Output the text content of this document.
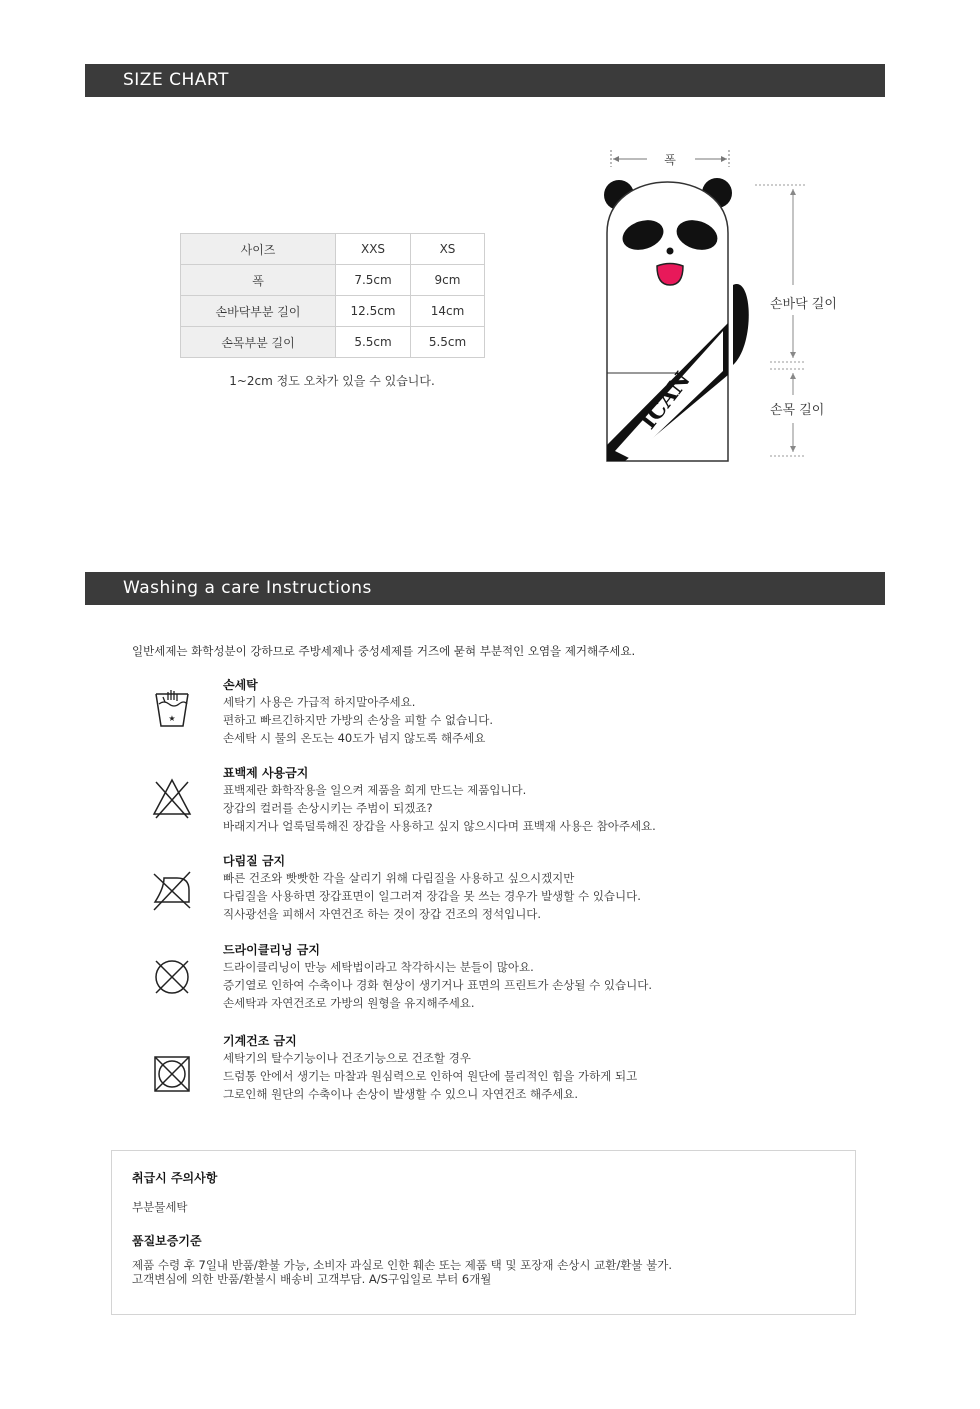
SIZE CHART
사이즈	XXS	XS
폭	7.5cm	9cm
손바닥부분 길이	12.5cm	14cm
손목부분 길이	5.5cm	5.5cm
1~2cm 정도 오차가 있을 수 있습니다.
폭
ICAN
손바닥 길이
손목 길이
Washing a care Instructions
일반세제는 화학성분이 강하므로 주방세제나 중성세제를 거즈에 묻혀 부분적인 오염을 제거해주세요.
★
손세탁
세탁기 사용은 가급적 하지말아주세요.
편하고 빠르긴하지만 가방의 손상을 피할 수 없습니다.
손세탁 시 물의 온도는 40도가 넘지 않도록 해주세요
표백제 사용금지
표백제란 화학작용을 일으켜 제품을 희게 만드는 제품입니다.
장갑의 컬러를 손상시키는 주범이 되겠죠?
바래지거나 얼룩덜룩해진 장갑을 사용하고 싶지 않으시다며 표백재 사용은 참아주세요.
다림질 금지
빠른 건조와 빳빳한 각을 살리기 위해 다림질을 사용하고 싶으시겠지만
다림질을 사용하면 장갑표면이 일그러져 장갑을 못 쓰는 경우가 발생할 수 있습니다.
직사광선을 피해서 자연건조 하는 것이 장갑 건조의 정석입니다.
드라이클리닝 금지
드라이클리닝이 만능 세탁법이라고 착각하시는 분들이 많아요.
증기열로 인하여 수축이나 경화 현상이 생기거나 표면의 프린트가 손상될 수 있습니다.
손세탁과 자연건조로 가방의 원형을 유지해주세요.
기계건조 금지
세탁기의 탈수기능이나 건조기능으로 건조할 경우
드럼통 안에서 생기는 마찰과 원심력으로 인하여 원단에 물리적인 힘을 가하게 되고
그로인해 원단의 수축이나 손상이 발생할 수 있으니 자연건조 해주세요.
취급시 주의사항
부분물세탁
품질보증기준
제품 수령 후 7일내 반품/환불 가능, 소비자 과실로 인한 훼손 또는 제품 택 및 포장재 손상시 교환/환불 불가.
고객변심에 의한 반품/환불시 배송비 고객부담. A/S구입일로 부터 6개월
